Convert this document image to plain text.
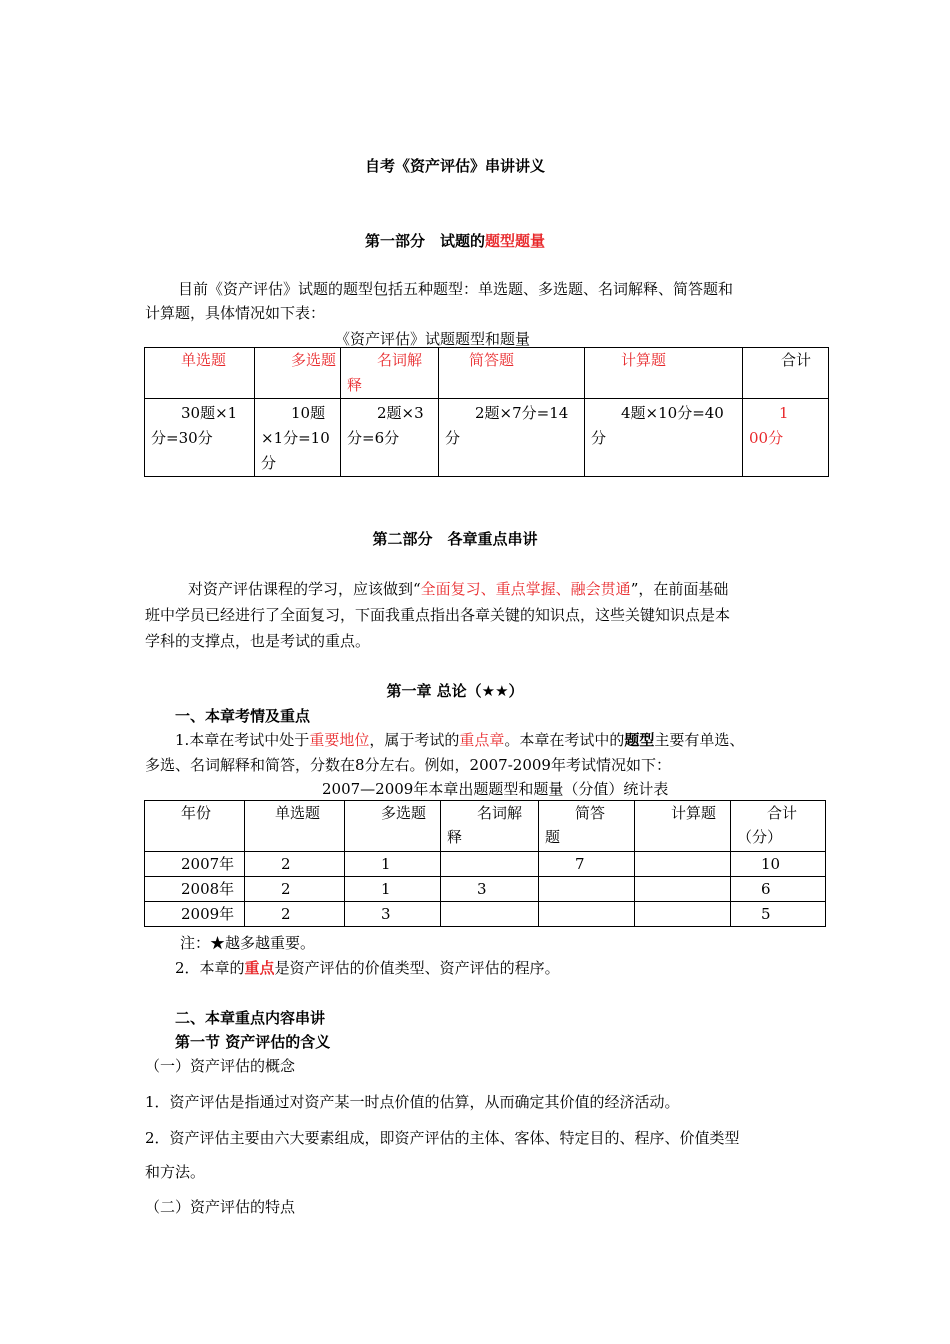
自考《资产评估》串讲讲义
第一部分　试题的题型题量
目前《资产评估》试题的题型包括五种题型：单选题、多选题、名词解释、简答题和
计算题，具体情况如下表：
《资产评估》试题题型和题量
单选题	多选题	名词解释	简答题	计算题	合计

30题×1分=30分	10题×1分=10分	2题×3分=6分	2题×7分=14分	4题×10分=40分	100分
第二部分　各章重点串讲
对资产评估课程的学习，应该做到“全面复习、重点掌握、融会贯通”，在前面基础
班中学员已经进行了全面复习，下面我重点指出各章关键的知识点，这些关键知识点是本
学科的支撑点，也是考试的重点。
第一章 总论（★★）
一、本章考情及重点
1.本章在考试中处于重要地位，属于考试的重点章。本章在考试中的题型主要有单选、
多选、名词解释和简答，分数在8分左右。例如，2007-2009年考试情况如下：
2007—2009年本章出题题型和题量（分值）统计表
年份	单选题	多选题	名词解释	简答题	计算题	合计（分）

2007年	2	1		7		10

2008年	2	1	3			6

2009年	2	3				5
注：★越多越重要。
2．本章的重点是资产评估的价值类型、资产评估的程序。
二、本章重点内容串讲
第一节 资产评估的含义
（一）资产评估的概念
1．资产评估是指通过对资产某一时点价值的估算，从而确定其价值的经济活动。
2．资产评估主要由六大要素组成，即资产评估的主体、客体、特定目的、程序、价值类型
和方法。
（二）资产评估的特点
